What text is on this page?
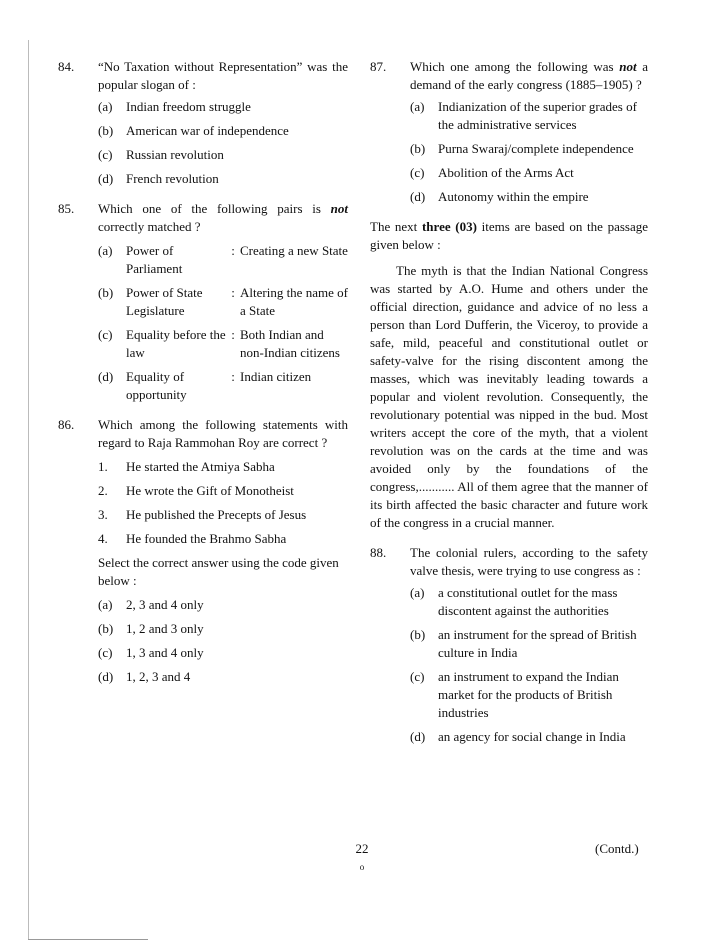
84. “No Taxation without Representation” was the popular slogan of :
(a) Indian freedom struggle
(b) American war of independence
(c) Russian revolution
(d) French revolution
85. Which one of the following pairs is not correctly matched ?
(a) Power of Parliament
: Creating a new State
(b) Power of State Legislature
: Altering the name of a State
(c) Equality before the law
: Both Indian and non-Indian citizens
(d) Equality of opportunity
: Indian citizen
86. Which among the following statements with regard to Raja Rammohan Roy are correct ?
1. He started the Atmiya Sabha
2. He wrote the Gift of Monotheist
3. He published the Precepts of Jesus
4. He founded the Brahmo Sabha
Select the correct answer using the code given below :
(a) 2, 3 and 4 only
(b) 1, 2 and 3 only
(c) 1, 3 and 4 only
(d) 1, 2, 3 and 4
87. Which one among the following was not a demand of the early congress (1885–1905) ?
(a) Indianization of the superior grades of the administrative services
(b) Purna Swaraj/complete independence
(c) Abolition of the Arms Act
(d) Autonomy within the empire
The next three (03) items are based on the passage given below :
The myth is that the Indian National Congress was started by A.O. Hume and others under the official direction, guidance and advice of no less a person than Lord Dufferin, the Viceroy, to provide a safe, mild, peaceful and constitutional outlet or safety-valve for the rising discontent among the masses, which was inevitably leading towards a popular and violent revolution. Consequently, the revolutionary potential was nipped in the bud. Most writers accept the core of the myth, that a violent revolution was on the cards at the time and was avoided only by the foundations of the congress,........... All of them agree that the manner of its birth affected the basic character and future work of the congress in a crucial manner.
88. The colonial rulers, according to the safety valve thesis, were trying to use congress as :
(a) a constitutional outlet for the mass discontent against the authorities
(b) an instrument for the spread of British culture in India
(c) an instrument to expand the Indian market for the products of British industries
(d) an agency for social change in India
22
o
(Contd.)
